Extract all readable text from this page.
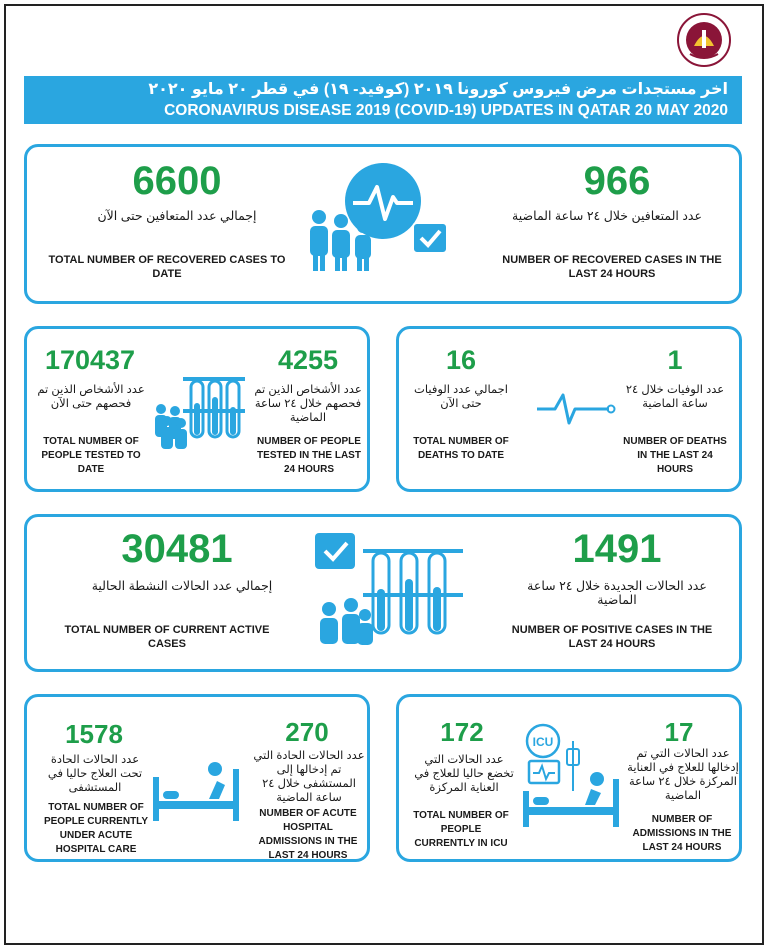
اخر مستجدات مرض فيروس كورونا ٢٠١٩ (كوفيد- ١٩) في قطر ٢٠ مايو ٢٠٢٠
CORONAVIRUS DISEASE 2019 (COVID-19) UPDATES IN QATAR 20 MAY 2020
6600
إجمالي عدد المتعافين حتى الآن
TOTAL NUMBER OF RECOVERED CASES TO DATE
966
عدد المتعافين خلال ٢٤ ساعة الماضية
NUMBER OF RECOVERED CASES IN THE LAST 24 HOURS
170437
عدد الأشخاص الذين تم فحصهم حتى الآن
TOTAL NUMBER OF PEOPLE TESTED TO DATE
4255
عدد الأشخاص الذين تم فحصهم خلال ٢٤ ساعة الماضية
NUMBER OF PEOPLE TESTED IN THE LAST 24 HOURS
16
اجمالي عدد الوفيات حتى الآن
TOTAL NUMBER OF DEATHS TO DATE
1
عدد الوفيات خلال ٢٤ ساعة الماضية
NUMBER OF DEATHS IN THE LAST 24 HOURS
30481
إجمالي عدد الحالات النشطة الحالية
TOTAL NUMBER OF CURRENT ACTIVE CASES
1491
عدد الحالات الجديدة خلال ٢٤ ساعة الماضية
NUMBER OF POSITIVE CASES IN THE LAST 24 HOURS
1578
عدد الحالات الحادة تحت العلاج حاليا في المستشفى
TOTAL NUMBER OF PEOPLE CURRENTLY UNDER ACUTE HOSPITAL CARE
270
عدد الحالات الحادة التي تم إدخالها إلى المستشفى خلال ٢٤ ساعة الماضية
NUMBER OF ACUTE HOSPITAL ADMISSIONS IN THE LAST 24 HOURS
172
عدد الحالات التي تخضع حاليا للعلاج في العناية المركزة
TOTAL NUMBER OF PEOPLE CURRENTLY IN ICU
17
عدد الحالات التي تم إدخالها للعلاج في العناية المركزة خلال ٢٤ ساعة الماضية
NUMBER OF ADMISSIONS IN THE LAST 24 HOURS
ICU
